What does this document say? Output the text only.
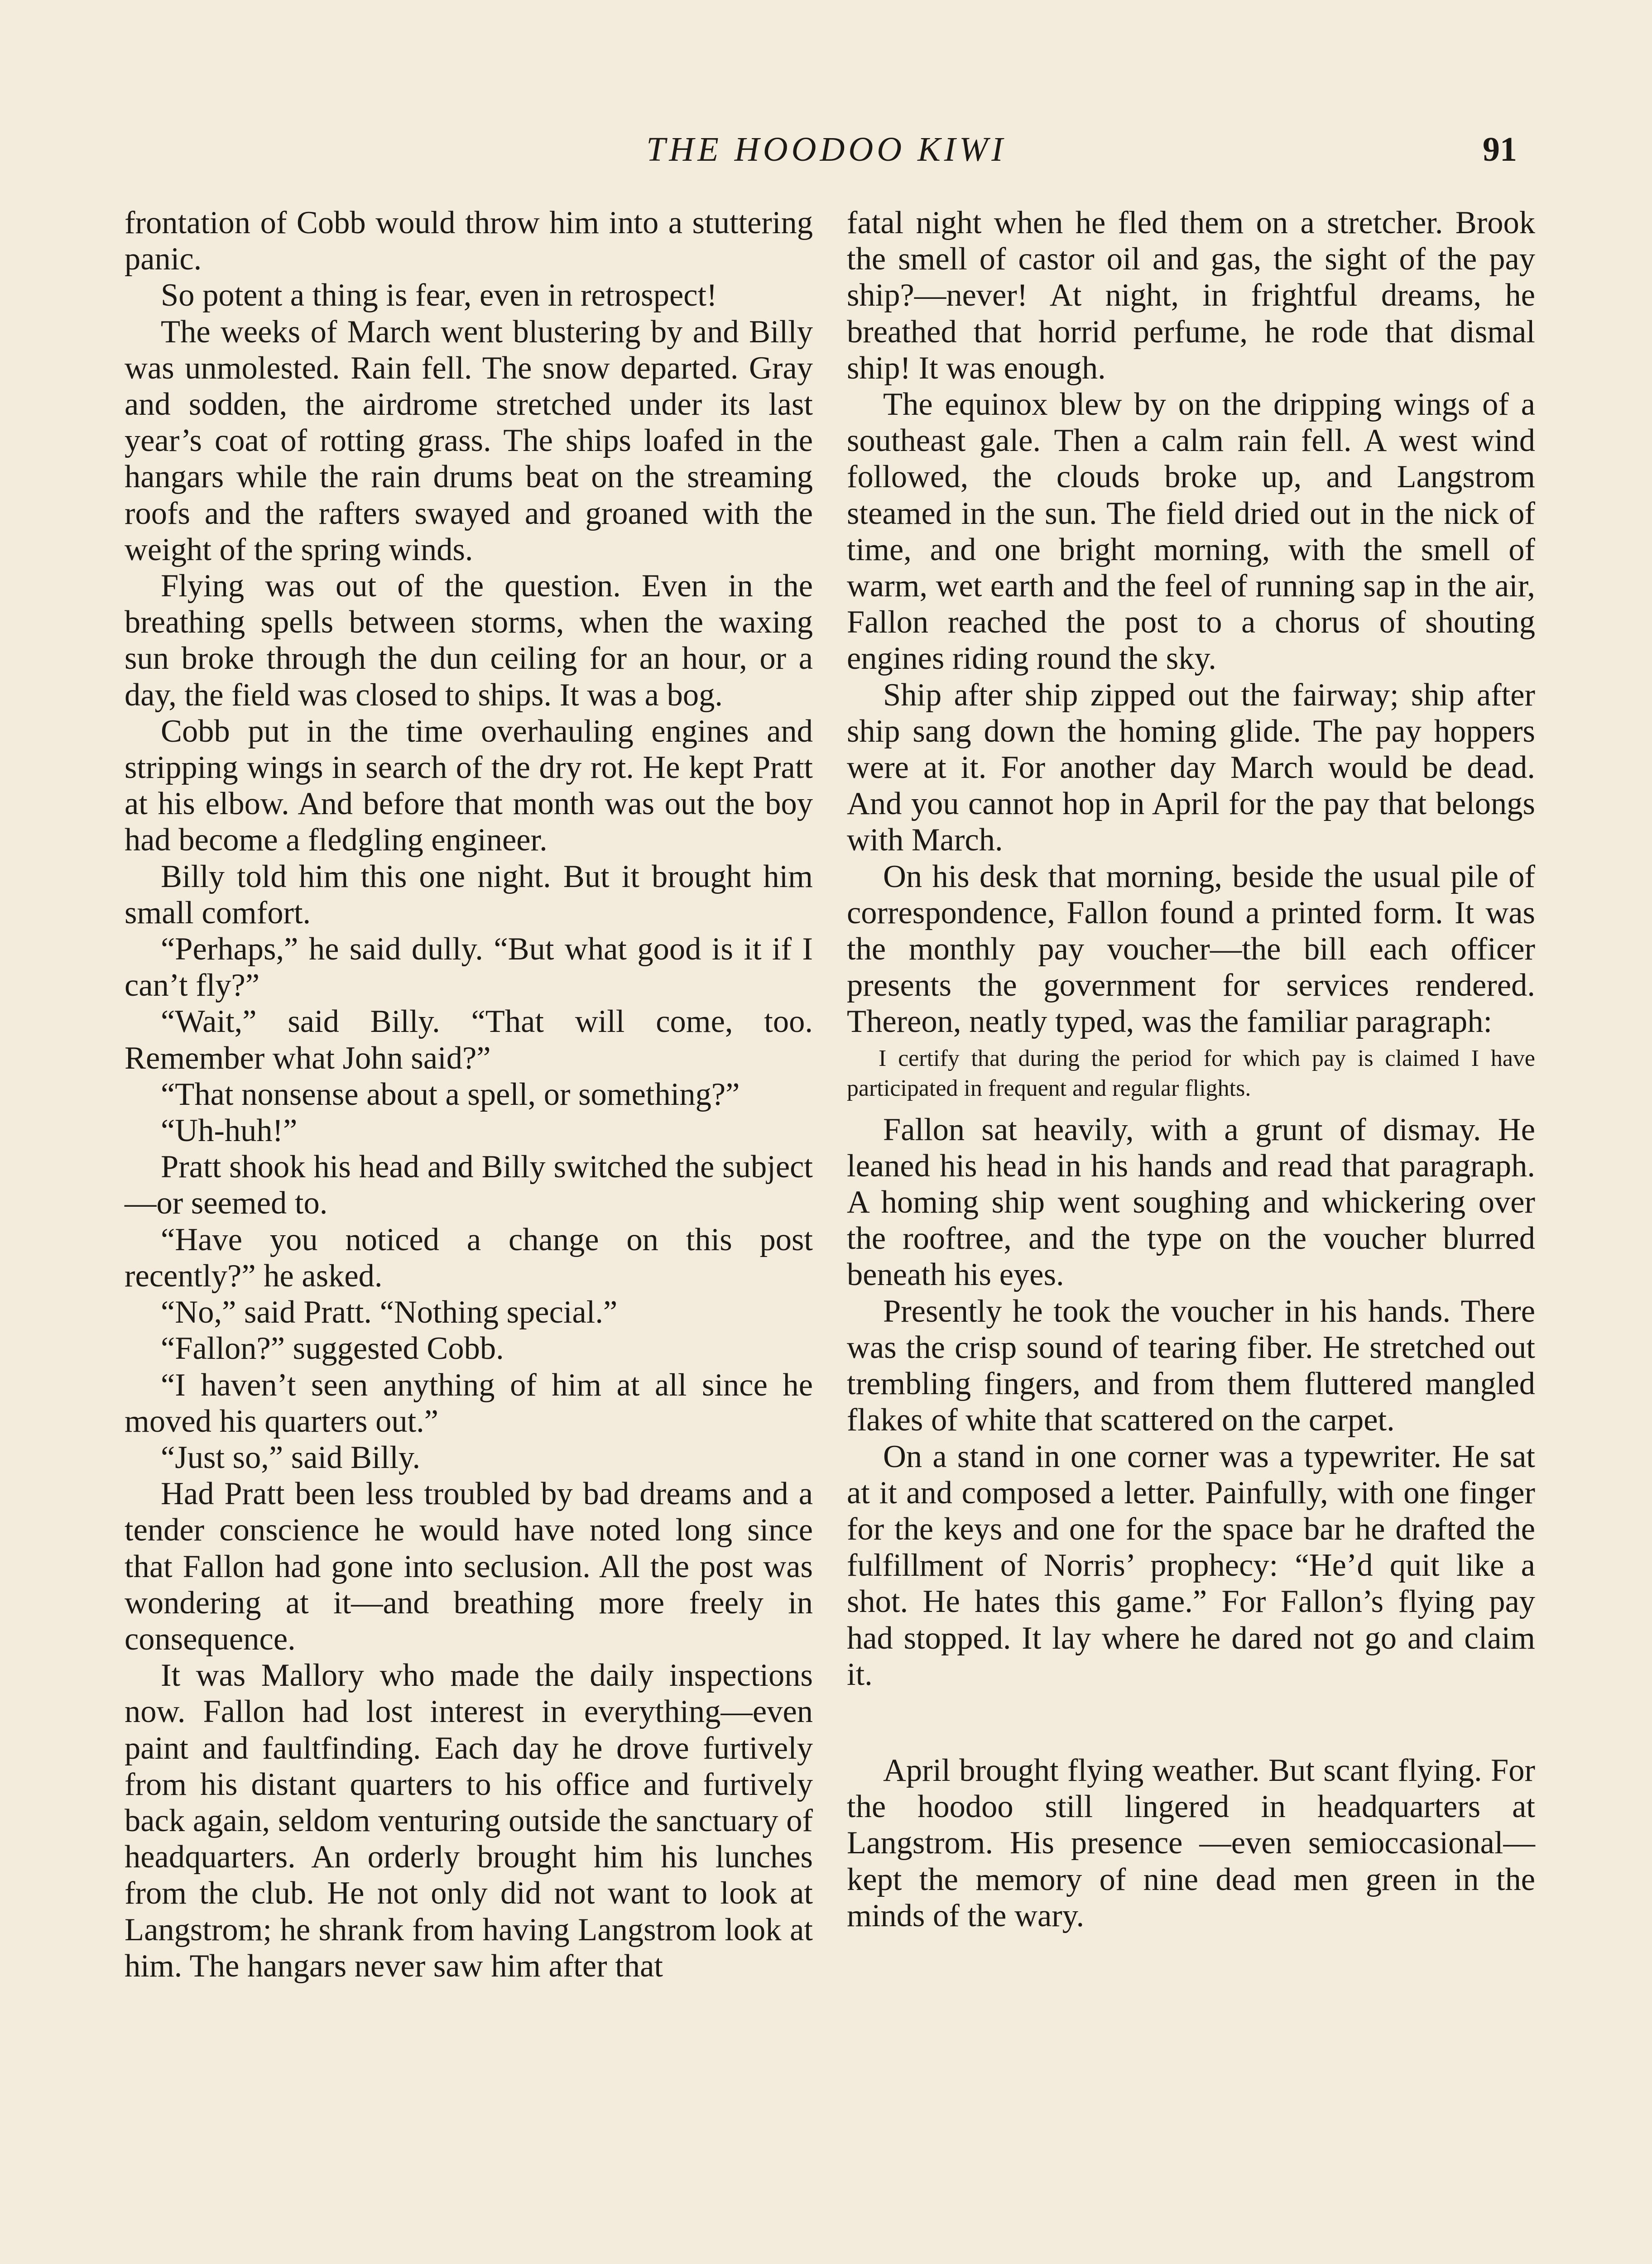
THE HOODOO KIWI	91

frontation of Cobb would throw him into a stuttering panic.

So potent a thing is fear, even in retrospect!

The weeks of March went blustering by and Billy was unmolested. Rain fell. The snow departed. Gray and sodden, the airdrome stretched under its last year’s coat of rotting grass. The ships loafed in the hangars while the rain drums beat on the streaming roofs and the rafters swayed and groaned with the weight of the spring winds.

Flying was out of the question. Even in the breathing spells between storms, when the waxing sun broke through the dun ceiling for an hour, or a day, the field was closed to ships. It was a bog.

Cobb put in the time overhauling engines and stripping wings in search of the dry rot. He kept Pratt at his elbow. And before that month was out the boy had become a fledgling engineer.

Billy told him this one night. But it brought him small comfort.

“Perhaps,” he said dully. “But what good is it if I can’t fly?”

“Wait,” said Billy. “That will come, too. Remember what John said?”

“That nonsense about a spell, or something?”

“Uh-huh!”

Pratt shook his head and Billy switched the subject—or seemed to.

“Have you noticed a change on this post recently?” he asked.

“No,” said Pratt. “Nothing special.”

“Fallon?” suggested Cobb.

“I haven’t seen anything of him at all since he moved his quarters out.”

“Just so,” said Billy.

Had Pratt been less troubled by bad dreams and a tender conscience he would have noted long since that Fallon had gone into seclusion. All the post was wondering at it—and breathing more freely in consequence.

It was Mallory who made the daily inspections now. Fallon had lost interest in everything—even paint and faultfinding. Each day he drove furtively from his distant quarters to his office and furtively back again, seldom venturing outside the sanctuary of headquarters. An orderly brought him his lunches from the club. He not only did not want to look at Langstrom; he shrank from having Langstrom look at him. The hangars never saw him after that

fatal night when he fled them on a stretcher. Brook the smell of castor oil and gas, the sight of the pay ship?—never! At night, in frightful dreams, he breathed that horrid perfume, he rode that dismal ship! It was enough.

The equinox blew by on the dripping wings of a southeast gale. Then a calm rain fell. A west wind followed, the clouds broke up, and Langstrom steamed in the sun. The field dried out in the nick of time, and one bright morning, with the smell of warm, wet earth and the feel of running sap in the air, Fallon reached the post to a chorus of shouting engines riding round the sky.

Ship after ship zipped out the fairway; ship after ship sang down the homing glide. The pay hoppers were at it. For another day March would be dead. And you cannot hop in April for the pay that belongs with March.

On his desk that morning, beside the usual pile of correspondence, Fallon found a printed form. It was the monthly pay voucher—the bill each officer presents the government for services rendered. Thereon, neatly typed, was the familiar paragraph:

I certify that during the period for which pay is claimed I have participated in frequent and regular flights.

Fallon sat heavily, with a grunt of dismay. He leaned his head in his hands and read that paragraph. A homing ship went soughing and whickering over the rooftree, and the type on the voucher blurred beneath his eyes.

Presently he took the voucher in his hands. There was the crisp sound of tearing fiber. He stretched out trembling fingers, and from them fluttered mangled flakes of white that scattered on the carpet.

On a stand in one corner was a typewriter. He sat at it and composed a letter. Painfully, with one finger for the keys and one for the space bar he drafted the fulfillment of Norris’ prophecy: “He’d quit like a shot. He hates this game.” For Fallon’s flying pay had stopped. It lay where he dared not go and claim it.

April brought flying weather. But scant flying. For the hoodoo still lingered in headquarters at Langstrom. His presence —even semioccasional—kept the memory of nine dead men green in the minds of the wary.
